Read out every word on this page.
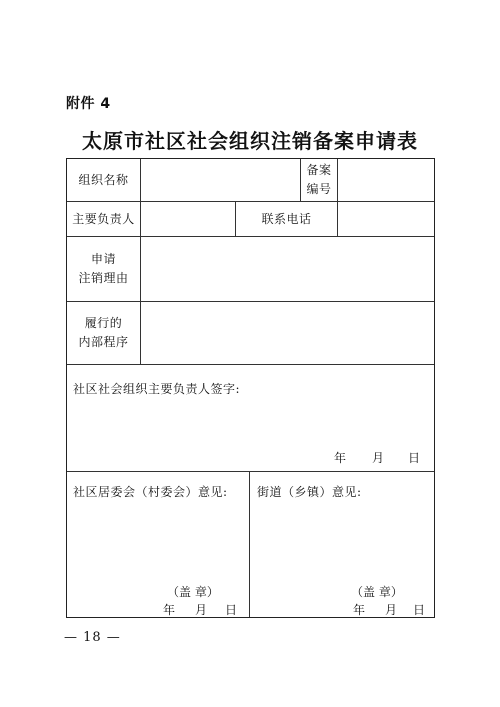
附件 4
太原市社区社会组织注销备案申请表
组织名称
备案
编号
主要负责人	联系电话
申请
注销理由
履行的
内部程序
社区社会组织主要负责人签字:
年 月 日
社区居委会（村委会）意见:
（盖 章）
年 月 日
街道（乡镇）意见:
（盖 章）
年 月 日
— 18 —
